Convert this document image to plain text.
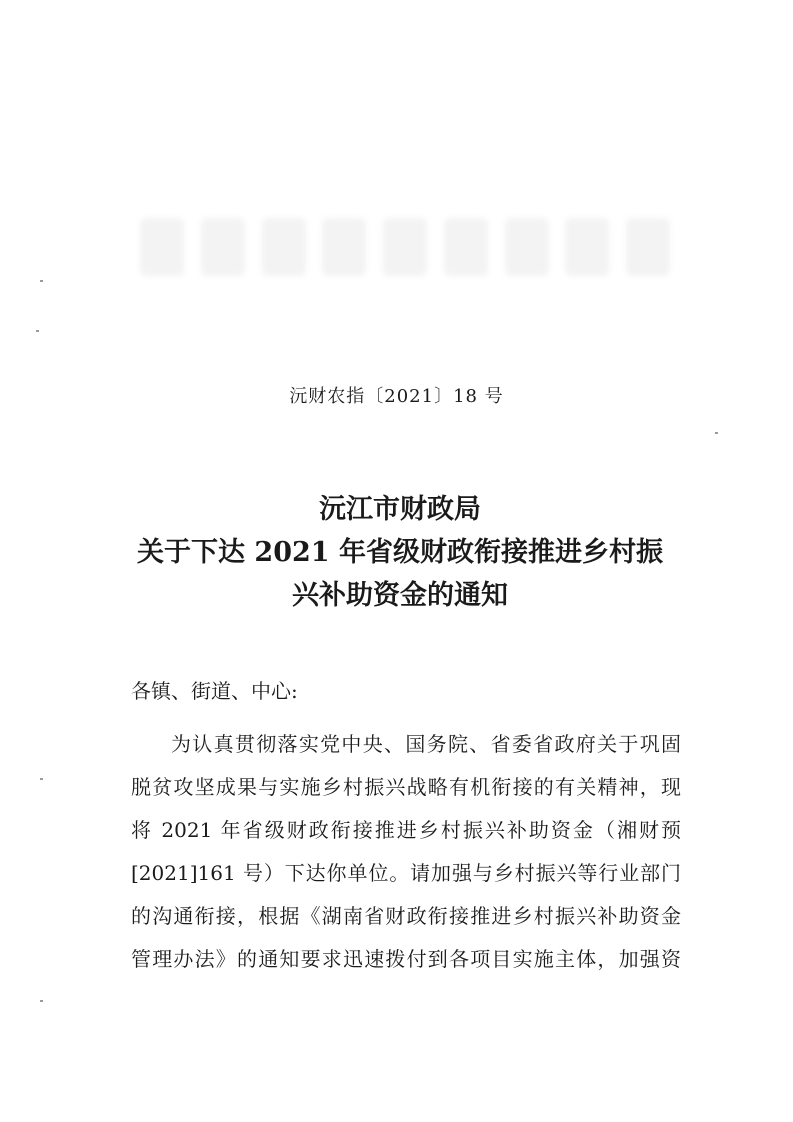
沅财农指〔2021〕18 号
沅江市财政局
关于下达 2021 年省级财政衔接推进乡村振
兴补助资金的通知
各镇、街道、中心:
为认真贯彻落实党中央、国务院、省委省政府关于巩固
脱贫攻坚成果与实施乡村振兴战略有机衔接的有关精神，现
将 2021 年省级财政衔接推进乡村振兴补助资金（湘财预
[2021]161 号）下达你单位。请加强与乡村振兴等行业部门
的沟通衔接，根据《湖南省财政衔接推进乡村振兴补助资金
管理办法》的通知要求迅速拨付到各项目实施主体，加强资
